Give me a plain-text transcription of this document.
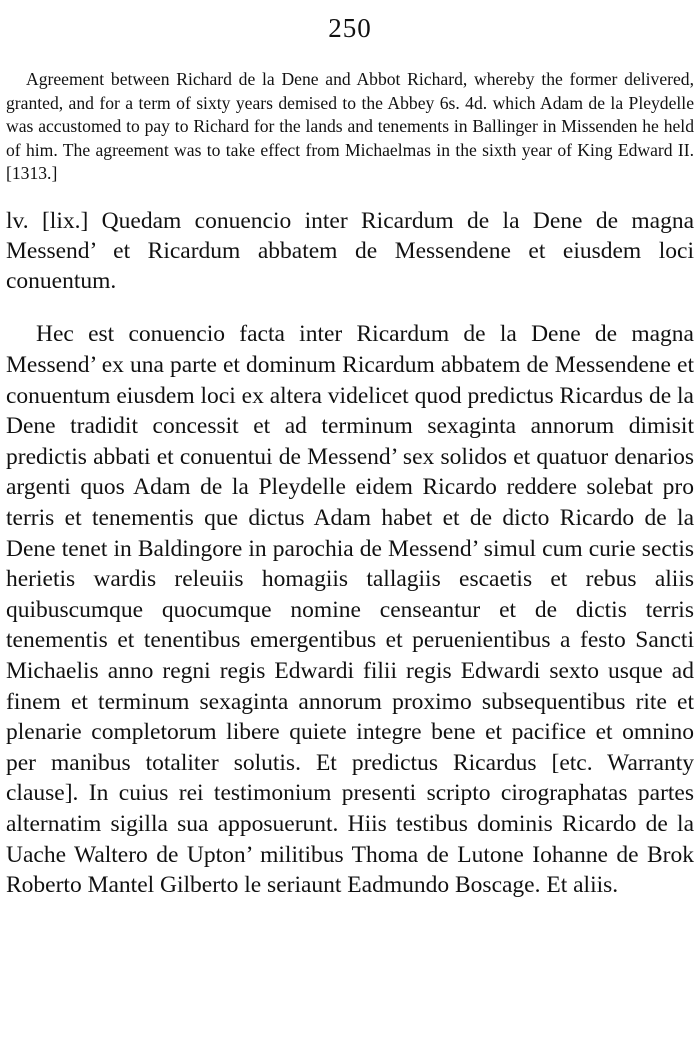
250

Agreement between Richard de la Dene and Abbot Richard, whereby the former delivered, granted, and for a term of sixty years demised to the Abbey 6s. 4d. which Adam de la Pleydelle was accustomed to pay to Richard for the lands and tenements in Ballinger in Missenden he held of him. The agreement was to take effect from Michaelmas in the sixth year of King Edward II. [1313.]

lv. [lix.] Quedam conuencio inter Ricardum de la Dene de magna Messend’ et Ricardum abbatem de Messendene et eiusdem loci conuentum.

Hec est conuencio facta inter Ricardum de la Dene de magna Messend’ ex una parte et dominum Ricardum abbatem de Messendene et conuentum eiusdem loci ex altera videlicet quod predictus Ricardus de la Dene tradidit concessit et ad terminum sexaginta annorum dimisit predictis abbati et conuentui de Messend’ sex solidos et quatuor denarios argenti quos Adam de la Pleydelle eidem Ricardo reddere solebat pro terris et tenementis que dictus Adam habet et de dicto Ricardo de la Dene tenet in Baldingore in parochia de Messend’ simul cum curie sectis herietis wardis releuiis homagiis tallagiis escaetis et rebus aliis quibuscumque quocumque nomine censeantur et de dictis terris tenementis et tenentibus emergentibus et peruenientibus a festo Sancti Michaelis anno regni regis Edwardi filii regis Edwardi sexto usque ad finem et terminum sexaginta annorum proximo subsequentibus rite et plenarie completorum libere quiete integre bene et pacifice et omnino per manibus totaliter solutis. Et predictus Ricardus [etc. Warranty clause]. In cuius rei testimonium presenti scripto cirographatas partes alternatim sigilla sua apposuerunt. Hiis testibus dominis Ricardo de la Uache Waltero de Upton’ militibus Thoma de Lutone Iohanne de Brok Roberto Mantel Gilberto le seriaunt Eadmundo Boscage. Et aliis.
